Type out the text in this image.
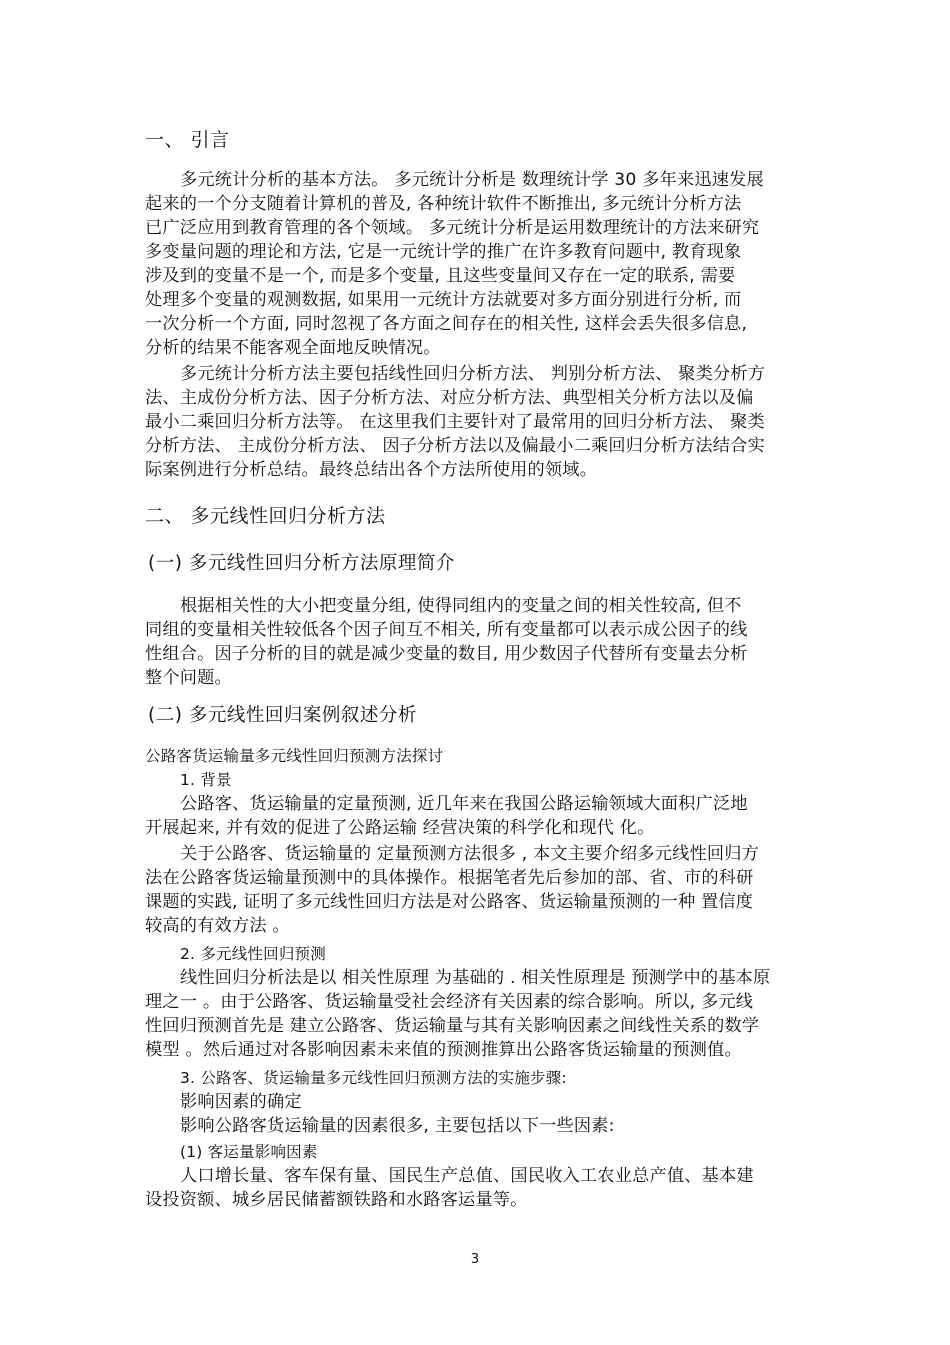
一、 引言
多元统计分析的基本方法。 多元统计分析是 数理统计学 30 多年来迅速发展
起来的一个分支随着计算机的普及, 各种统计软件不断推出, 多元统计分析方法
已广泛应用到教育管理的各个领域。 多元统计分析是运用数理统计的方法来研究
多变量问题的理论和方法, 它是一元统计学的推广在许多教育问题中, 教育现象
涉及到的变量不是一个, 而是多个变量, 且这些变量间又存在一定的联系, 需要
处理多个变量的观测数据, 如果用一元统计方法就要对多方面分别进行分析, 而
一次分析一个方面, 同时忽视了各方面之间存在的相关性, 这样会丢失很多信息,
分析的结果不能客观全面地反映情况。
多元统计分析方法主要包括线性回归分析方法、 判别分析方法、 聚类分析方
法、主成份分析方法、因子分析方法、对应分析方法、典型相关分析方法以及偏
最小二乘回归分析方法等。 在这里我们主要针对了最常用的回归分析方法、 聚类
分析方法、 主成份分析方法、 因子分析方法以及偏最小二乘回归分析方法结合实
际案例进行分析总结。最终总结出各个方法所使用的领域。
二、 多元线性回归分析方法
(一) 多元线性回归分析方法原理简介
根据相关性的大小把变量分组, 使得同组内的变量之间的相关性较高, 但不
同组的变量相关性较低各个因子间互不相关, 所有变量都可以表示成公因子的线
性组合。因子分析的目的就是减少变量的数目, 用少数因子代替所有变量去分析
整个问题。
(二) 多元线性回归案例叙述分析
公路客货运输量多元线性回归预测方法探讨
1. 背景
公路客、货运输量的定量预测, 近几年来在我国公路运输领域大面积广泛地
开展起来, 并有效的促进了公路运输 经营决策的科学化和现代 化。
关于公路客、货运输量的 定量预测方法很多 , 本文主要介绍多元线性回归方
法在公路客货运输量预测中的具体操作。根据笔者先后参加的部、省、市的科研
课题的实践, 证明了多元线性回归方法是对公路客、货运输量预测的一种 置信度
较高的有效方法 。
2. 多元线性回归预测
线性回归分析法是以 相关性原理 为基础的 . 相关性原理是 预测学中的基本原
理之一 。由于公路客、货运输量受社会经济有关因素的综合影响。所以, 多元线
性回归预测首先是 建立公路客、货运输量与其有关影响因素之间线性关系的数学
模型 。然后通过对各影响因素未来值的预测推算出公路客货运输量的预测值。
3. 公路客、货运输量多元线性回归预测方法的实施步骤:
影响因素的确定
影响公路客货运输量的因素很多, 主要包括以下一些因素:
(1) 客运量影响因素
人口增长量、客车保有量、国民生产总值、国民收入工农业总产值、基本建
设投资额、城乡居民储蓄额铁路和水路客运量等。
3
